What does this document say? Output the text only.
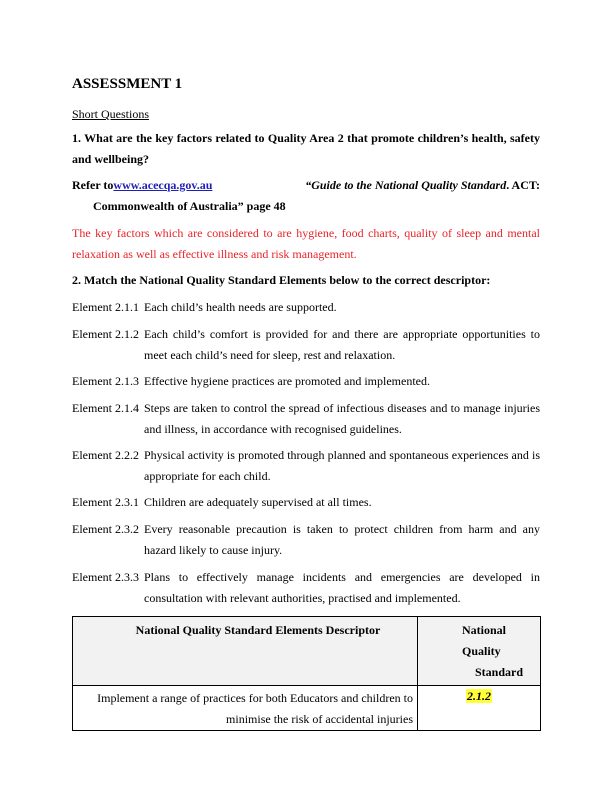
ASSESSMENT 1
Short Questions
1. What are the key factors related to Quality Area 2 that promote children’s health, safety and wellbeing?
Refer to www.acecqa.gov.au	“Guide to the National Quality Standard . ACT:
Commonwealth of Australia” page 48
The key factors which are considered to are hygiene, food charts, quality of sleep and mental relaxation as well as effective illness and risk management.
2. Match the National Quality Standard Elements below to the correct descriptor:
Element 2.1.1 Each child’s health needs are supported.
Element 2.1.2 Each child’s comfort is provided for and there are appropriate opportunities to meet each child’s need for sleep, rest and relaxation.
Element 2.1.3 Effective hygiene practices are promoted and implemented.
Element 2.1.4 Steps are taken to control the spread of infectious diseases and to manage injuries and illness, in accordance with recognised guidelines.
Element 2.2.2 Physical activity is promoted through planned and spontaneous experiences and is appropriate for each child.
Element 2.3.1 Children are adequately supervised at all times.
Element 2.3.2 Every reasonable precaution is taken to protect children from harm and any hazard likely to cause injury.
Element 2.3.3 Plans to effectively manage incidents and emergencies are developed in consultation with relevant authorities, practised and implemented.
National Quality Standard Elements Descriptor	National Quality Standard
Implement a range of practices for both Educators and children to minimise the risk of accidental injuries	2.1.2
